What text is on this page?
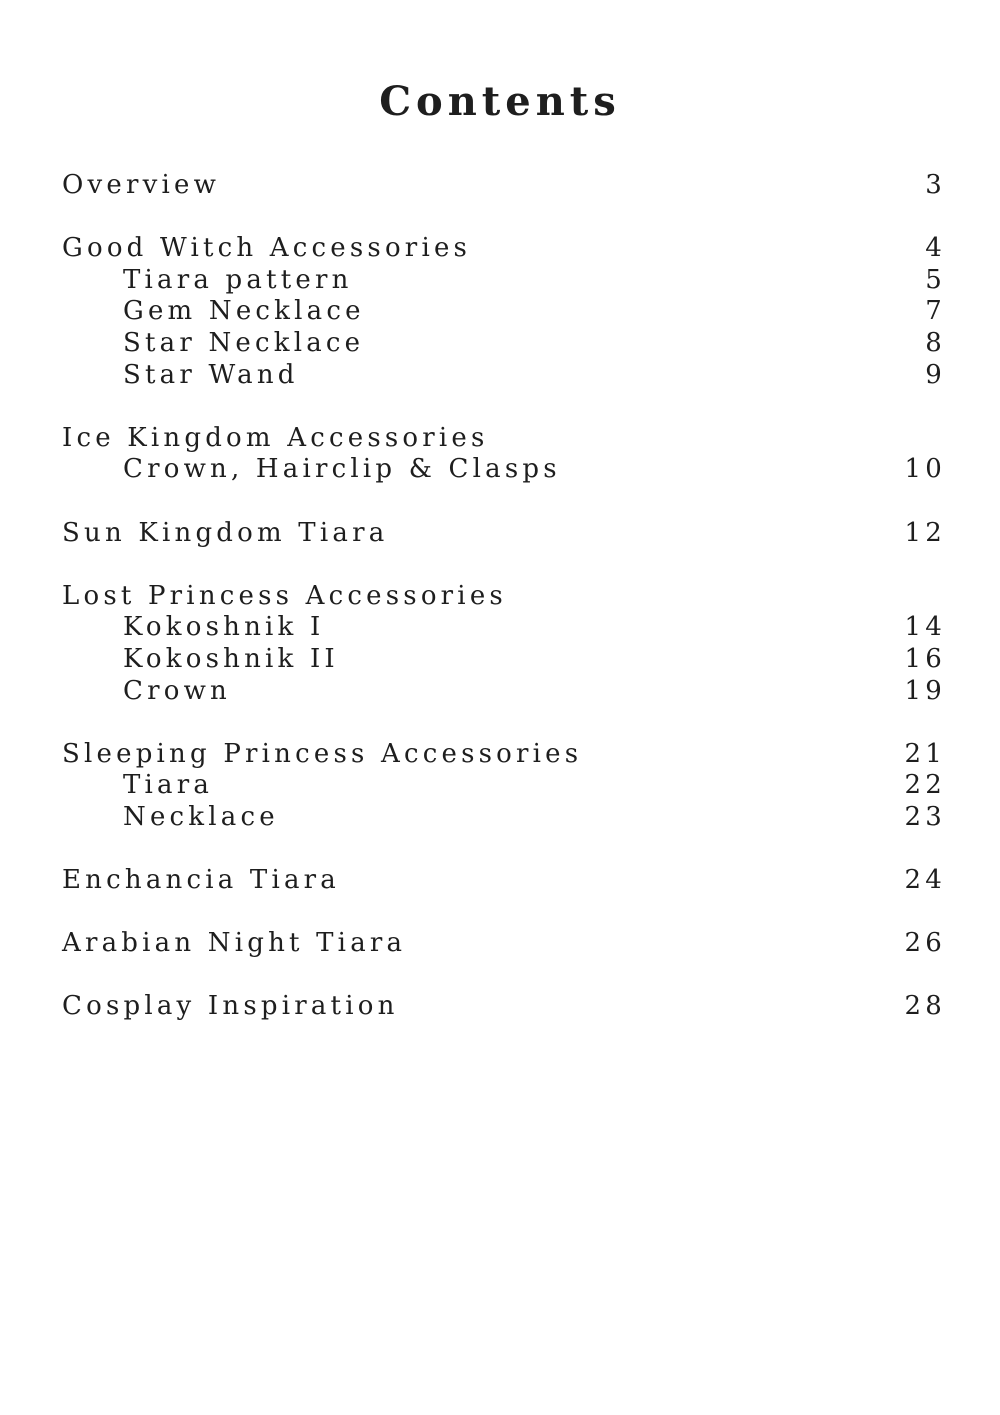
Contents
Overview	3
Good Witch Accessories	4
Tiara pattern	5
Gem Necklace	7
Star Necklace	8
Star Wand	9
Ice Kingdom Accessories
Crown, Hairclip & Clasps	10
Sun Kingdom Tiara	12
Lost Princess Accessories
Kokoshnik I	14
Kokoshnik II	16
Crown	19
Sleeping Princess Accessories	21
Tiara	22
Necklace	23
Enchancia Tiara	24
Arabian Night Tiara	26
Cosplay Inspiration	28
